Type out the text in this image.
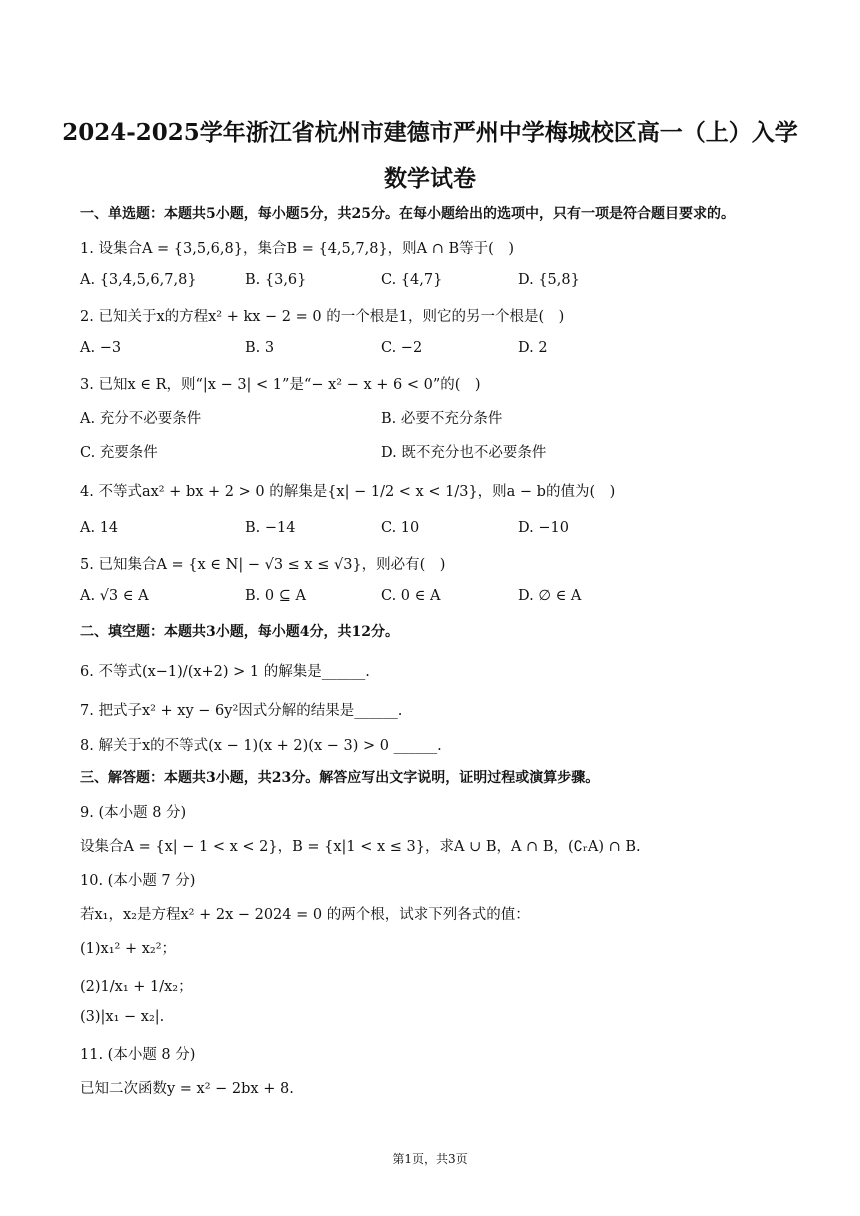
2024-2025学年浙江省杭州市建德市严州中学梅城校区高一（上）入学
数学试卷
一、单选题：本题共5小题，每小题5分，共25分。在每小题给出的选项中，只有一项是符合题目要求的。
1. 设集合A = {3,5,6,8}，集合B = {4,5,7,8}，则A ∩ B等于(　)
A. {3,4,5,6,7,8}	B. {3,6}	C. {4,7}	D. {5,8}
2. 已知关于x的方程x² + kx − 2 = 0 的一个根是1，则它的另一个根是(　)
A. −3	B. 3	C. −2	D. 2
3. 已知x ∈ R，则“|x − 3| < 1”是“− x² − x + 6 < 0”的(　)
A. 充分不必要条件	B. 必要不充分条件
C. 充要条件	D. 既不充分也不必要条件
4. 不等式ax² + bx + 2 > 0 的解集是{x| − 1/2 < x < 1/3}，则a − b的值为(　)
A. 14	B. −14	C. 10	D. −10
5. 已知集合A = {x ∈ N| − √3 ≤ x ≤ √3}，则必有(　)
A. √3 ∈ A	B. 0 ⊆ A	C. 0 ∈ A	D. ∅ ∈ A
二、填空题：本题共3小题，每小题4分，共12分。
6. 不等式(x−1)/(x+2) > 1 的解集是______.
7. 把式子x² + xy − 6y²因式分解的结果是______.
8. 解关于x的不等式(x − 1)(x + 2)(x − 3) > 0 ______.
三、解答题：本题共3小题，共23分。解答应写出文字说明，证明过程或演算步骤。
9. (本小题 8 分)
设集合A = {x| − 1 < x < 2}，B = {x|1 < x ≤ 3}，求A ∪ B，A ∩ B，(∁ᵣA) ∩ B.
10. (本小题 7 分)
若x₁，x₂是方程x² + 2x − 2024 = 0 的两个根，试求下列各式的值：
(1)x₁² + x₂²；
(2)1/x₁ + 1/x₂；
(3)|x₁ − x₂|.
11. (本小题 8 分)
已知二次函数y = x² − 2bx + 8.
第1页，共3页
